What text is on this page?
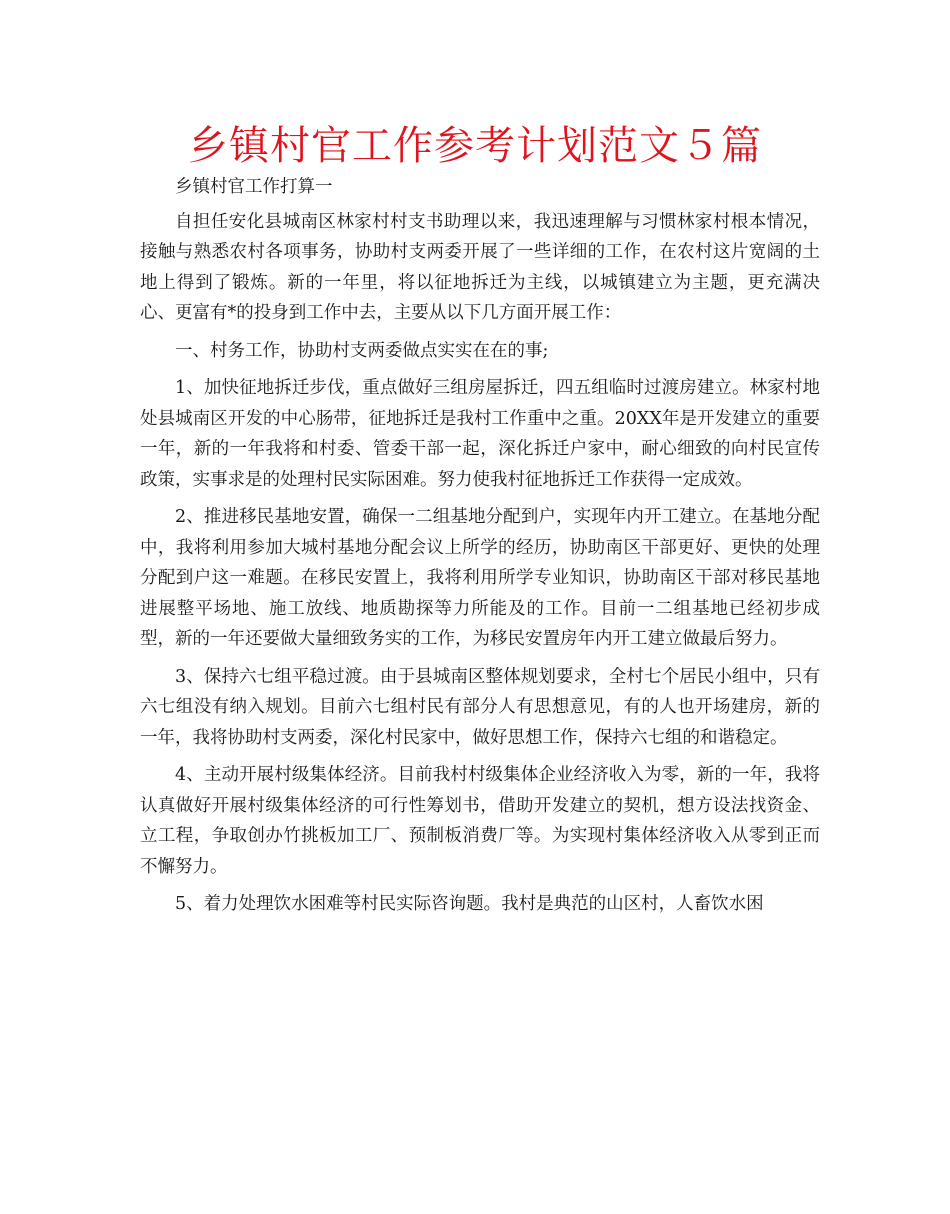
乡镇村官工作参考计划范文５篇

乡镇村官工作打算一

自担任安化县城南区林家村村支书助理以来，我迅速理解与习惯林家村根本情况，接触与熟悉农村各项事务，协助村支两委开展了一些详细的工作，在农村这片宽阔的土地上得到了锻炼。新的一年里，将以征地拆迁为主线，以城镇建立为主题，更充满决心、更富有*的投身到工作中去，主要从以下几方面开展工作：

一、村务工作，协助村支两委做点实实在在的事;

1、加快征地拆迁步伐，重点做好三组房屋拆迁，四五组临时过渡房建立。林家村地处县城南区开发的中心肠带，征地拆迁是我村工作重中之重。20XX年是开发建立的重要一年，新的一年我将和村委、管委干部一起，深化拆迁户家中，耐心细致的向村民宣传政策，实事求是的处理村民实际困难。努力使我村征地拆迁工作获得一定成效。

2、推进移民基地安置，确保一二组基地分配到户，实现年内开工建立。在基地分配中，我将利用参加大城村基地分配会议上所学的经历，协助南区干部更好、更快的处理分配到户这一难题。在移民安置上，我将利用所学专业知识，协助南区干部对移民基地进展整平场地、施工放线、地质勘探等力所能及的工作。目前一二组基地已经初步成型，新的一年还要做大量细致务实的工作，为移民安置房年内开工建立做最后努力。

3、保持六七组平稳过渡。由于县城南区整体规划要求，全村七个居民小组中，只有六七组没有纳入规划。目前六七组村民有部分人有思想意见，有的人也开场建房，新的一年，我将协助村支两委，深化村民家中，做好思想工作，保持六七组的和谐稳定。

4、主动开展村级集体经济。目前我村村级集体企业经济收入为零，新的一年，我将认真做好开展村级集体经济的可行性筹划书，借助开发建立的契机，想方设法找资金、立工程，争取创办竹挑板加工厂、预制板消费厂等。为实现村集体经济收入从零到正而不懈努力。

5、着力处理饮水困难等村民实际咨询题。我村是典范的山区村，人畜饮水困
